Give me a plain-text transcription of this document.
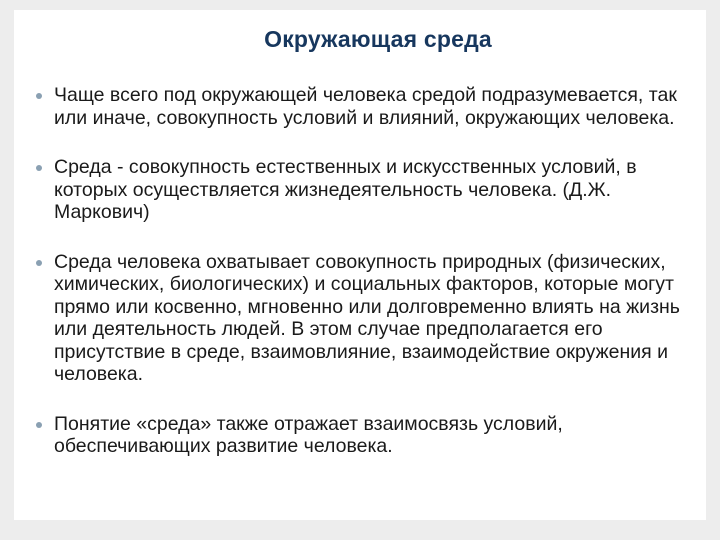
Окружающая среда
Чаще всего под окружающей человека средой подразумевается, так или иначе, совокупность условий и влияний, окружающих человека.
Среда - совокупность естественных и искусственных условий, в которых осуществляется жизнедеятельность человека. (Д.Ж. Маркович)
Среда человека охватывает совокупность природных (физических, химических, биологических) и социальных факторов, которые могут прямо или косвенно, мгновенно или долговременно влиять на жизнь или деятельность людей. В этом случае предполагается его присутствие в среде, взаимовлияние, взаимодействие окружения и человека.
Понятие «среда» также отражает взаимосвязь условий, обеспечивающих развитие человека.
